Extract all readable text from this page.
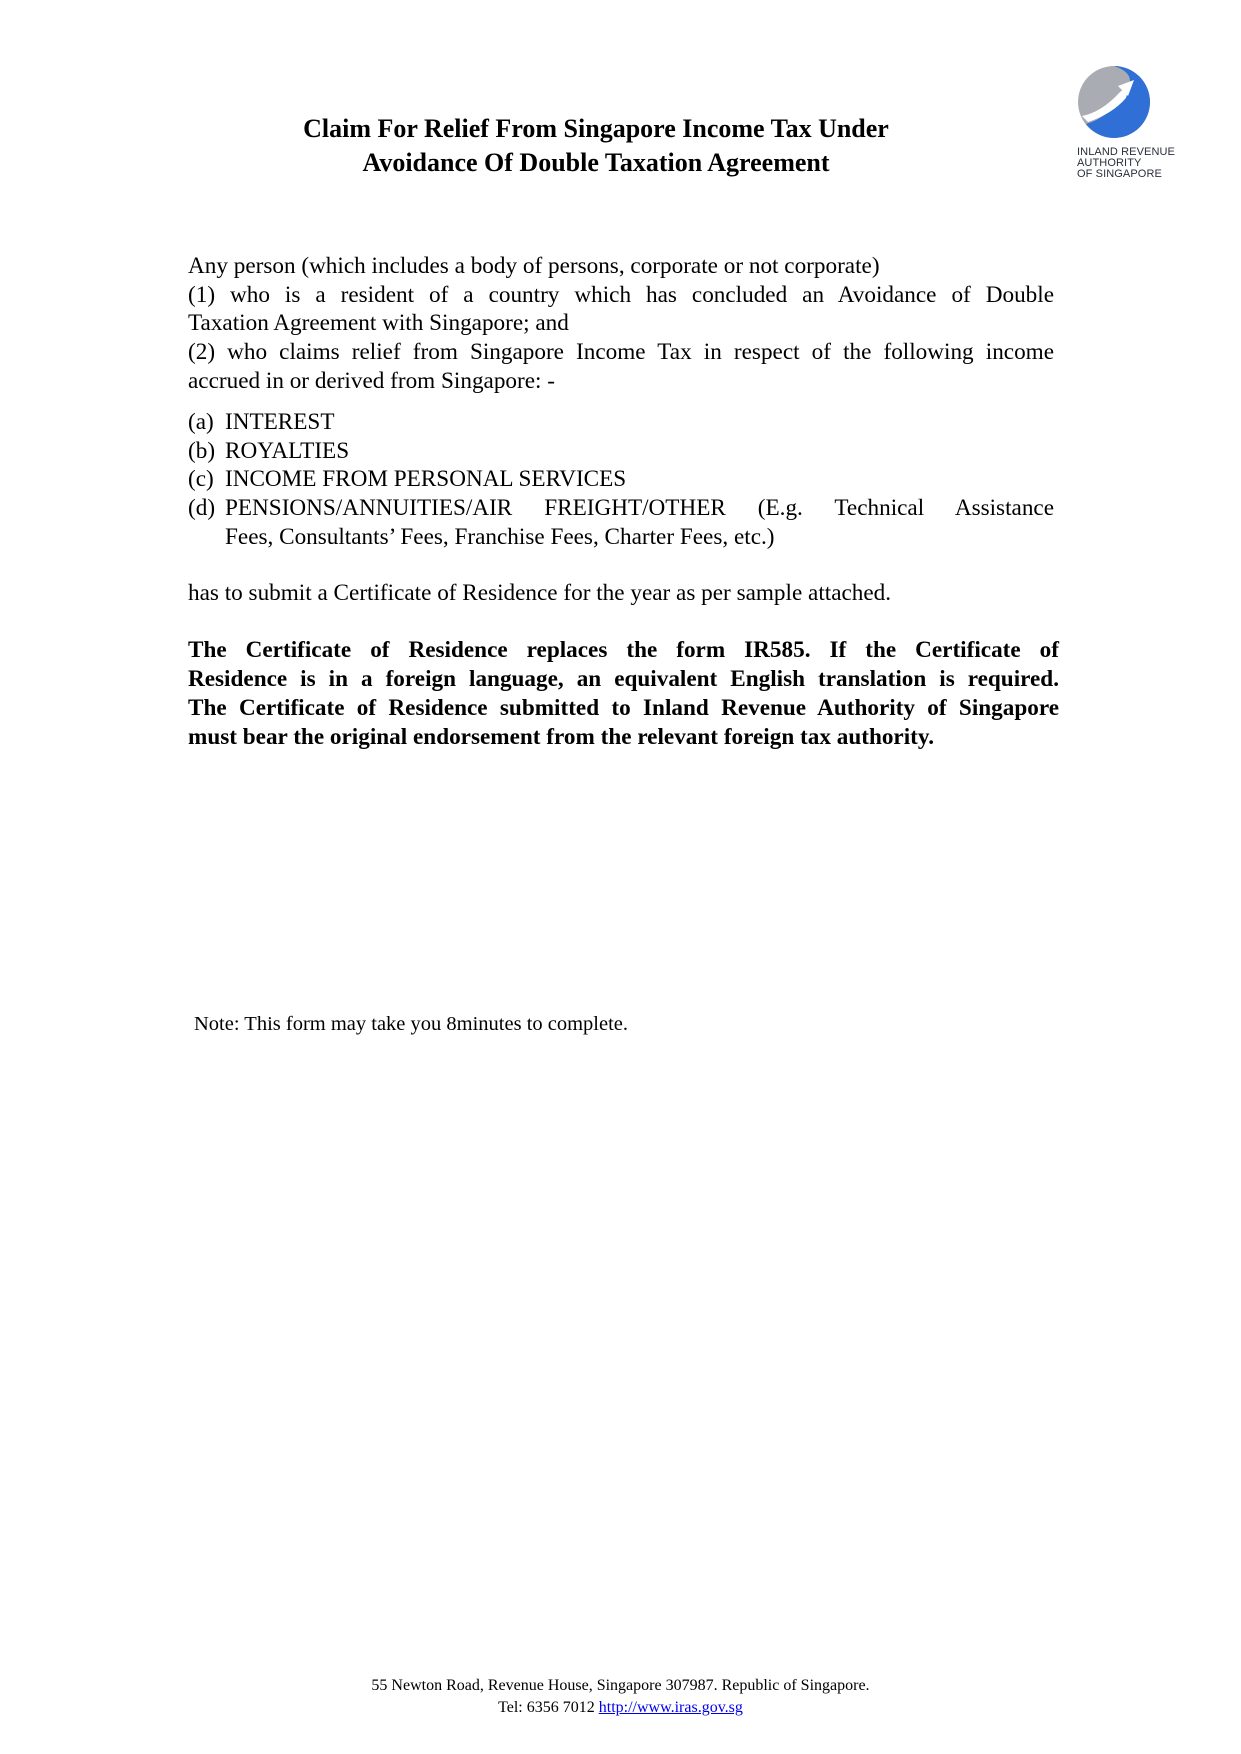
INLAND REVENUE
AUTHORITY
OF SINGAPORE
Claim For Relief From Singapore Income Tax Under
Avoidance Of Double Taxation Agreement
Any person (which includes a body of persons, corporate or not corporate)
(1) who is a resident of a country which has concluded an Avoidance of Double
Taxation Agreement with Singapore; and
(2) who claims relief from Singapore Income Tax in respect of the following income
accrued in or derived from Singapore: -
(a) INTEREST
(b) ROYALTIES
(c) INCOME FROM PERSONAL SERVICES
(d) PENSIONS/ANNUITIES/AIR FREIGHT/OTHER (E.g. Technical Assistance
Fees, Consultants’ Fees, Franchise Fees, Charter Fees, etc.)
has to submit a Certificate of Residence for the year as per sample attached.
The Certificate of Residence replaces the form IR585. If the Certificate of
Residence is in a foreign language, an equivalent English translation is required.
The Certificate of Residence submitted to Inland Revenue Authority of Singapore
must bear the original endorsement from the relevant foreign tax authority.
Note: This form may take you 8minutes to complete.
55 Newton Road, Revenue House, Singapore 307987. Republic of Singapore.
Tel: 6356 7012 http://www.iras.gov.sg
